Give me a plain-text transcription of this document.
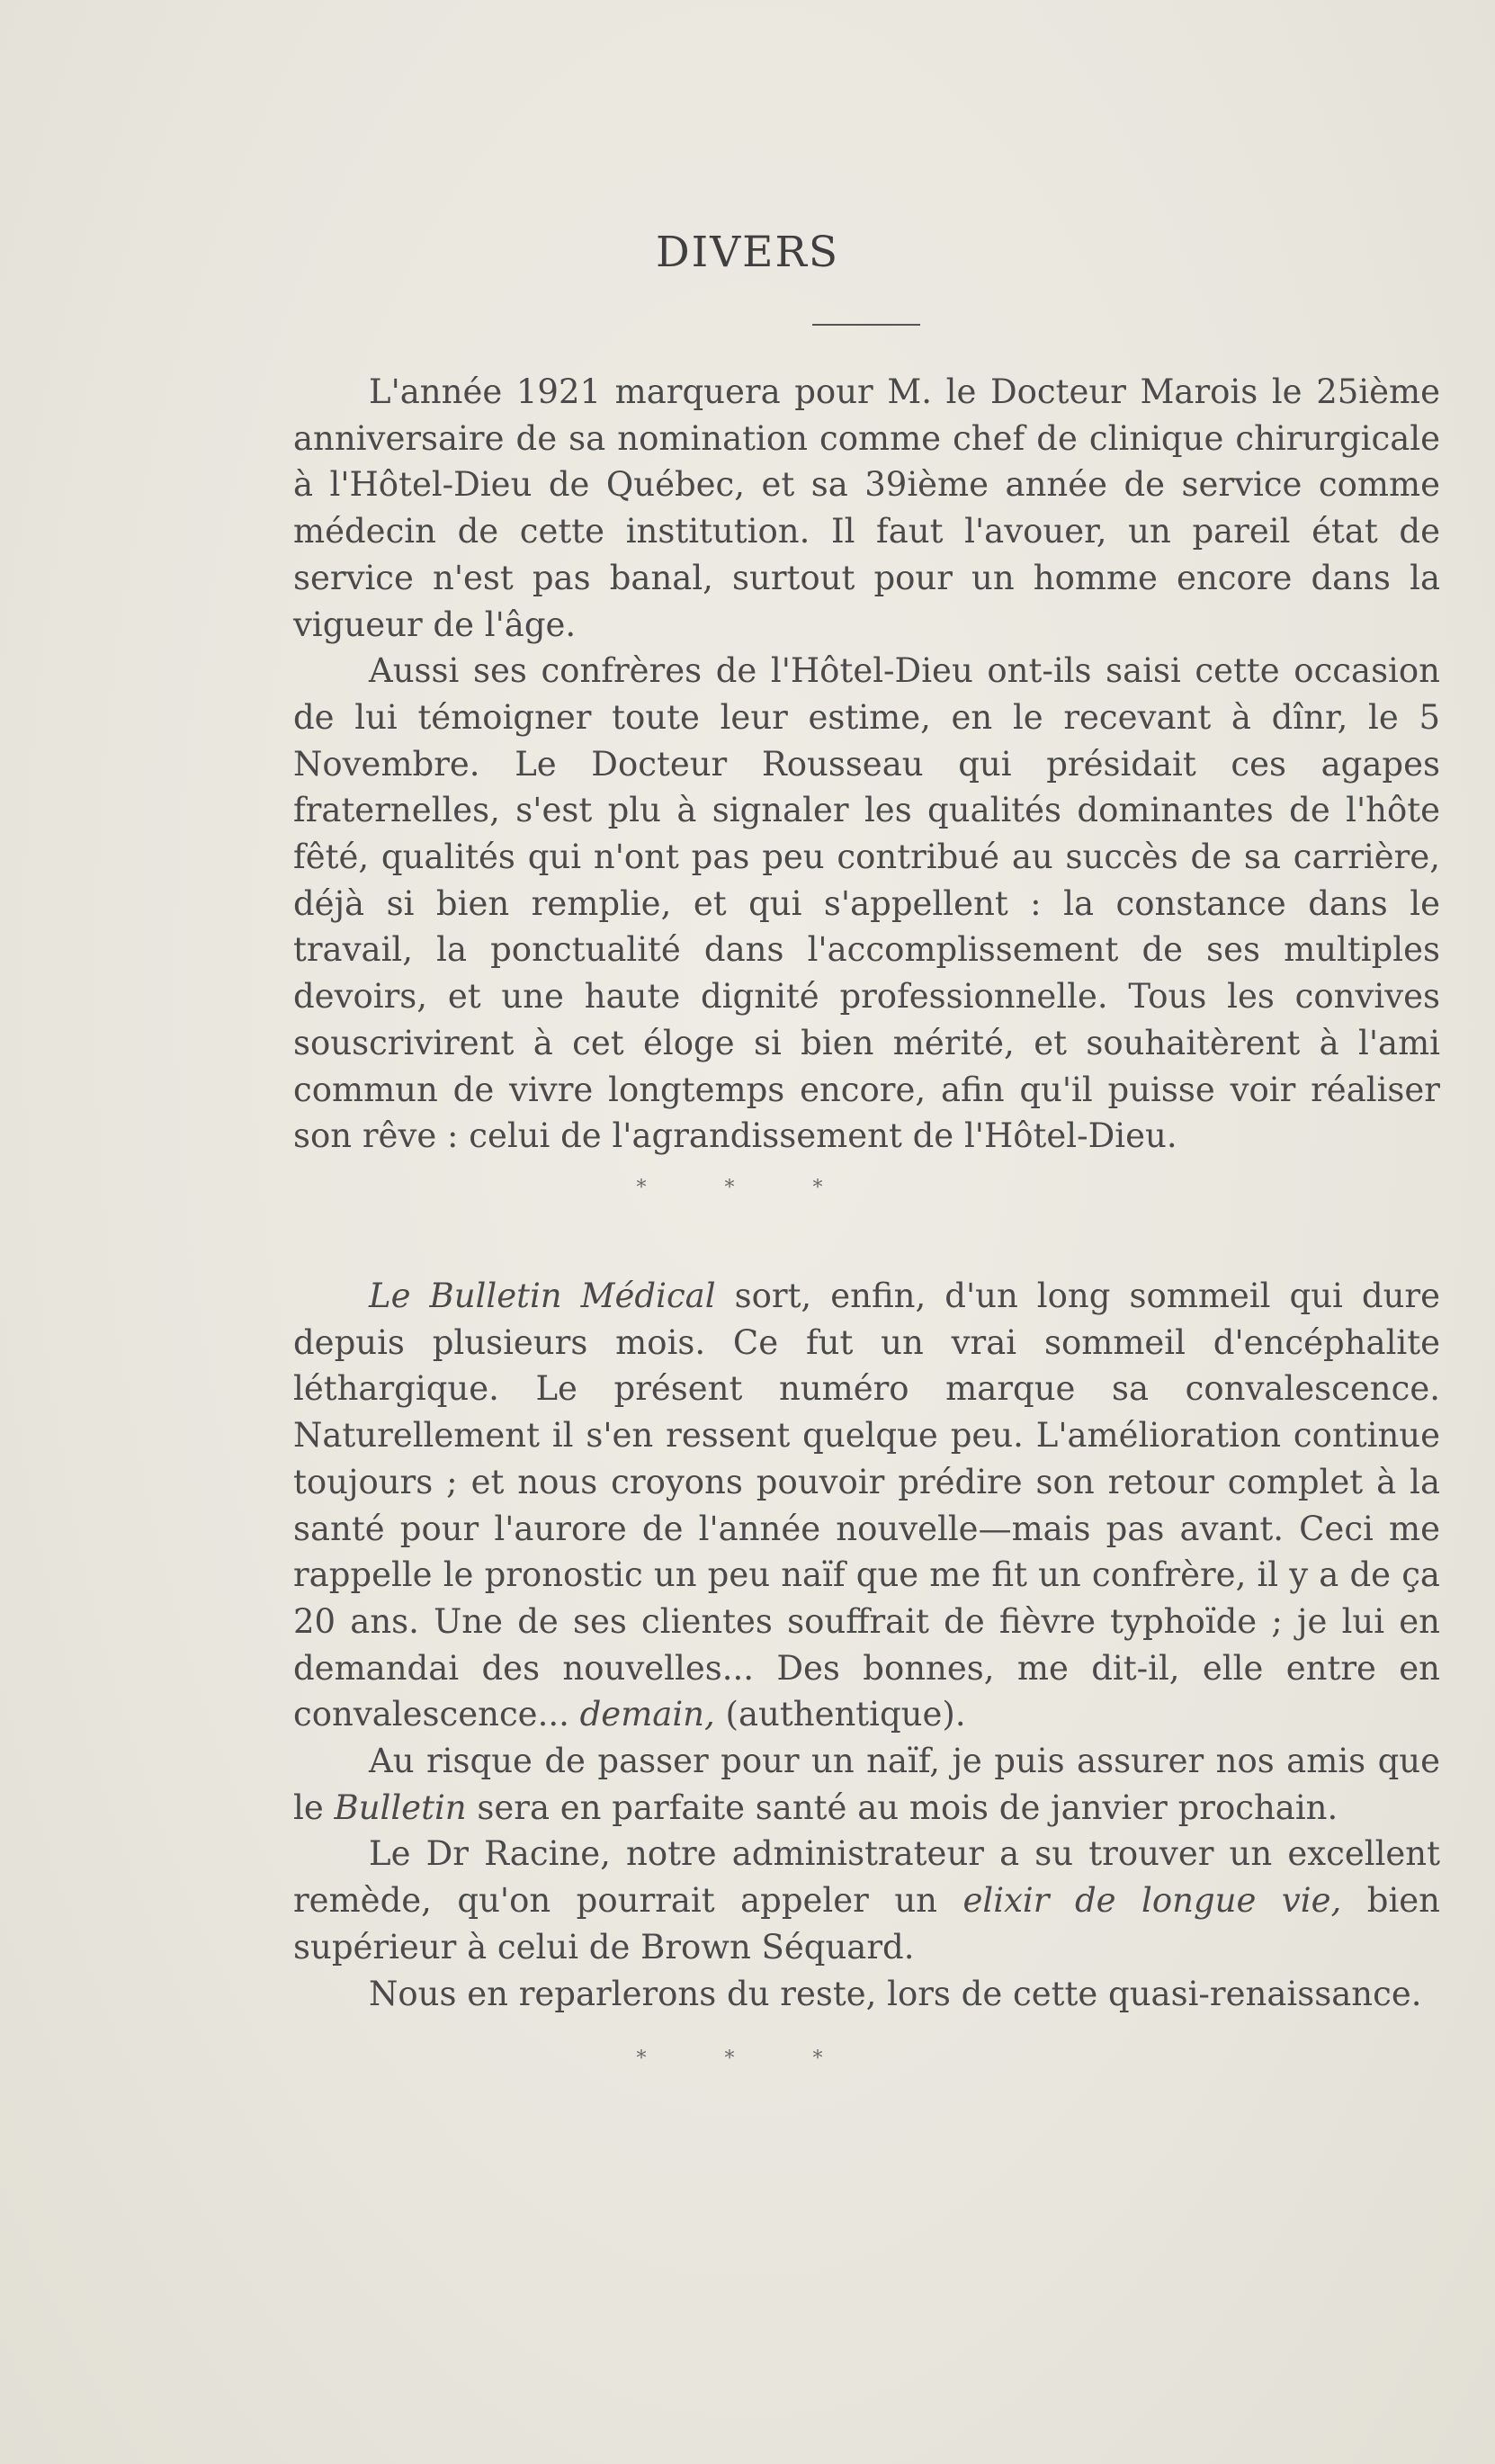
DIVERS

L'année 1921 marquera pour M. le Docteur Marois le 25ième anniversaire de sa nomination comme chef de clinique chirurgicale à l'Hôtel-Dieu de Québec, et sa 39ième année de service comme médecin de cette institution. Il faut l'avouer, un pareil état de service n'est pas banal, surtout pour un homme encore dans la vigueur de l'âge.

Aussi ses confrères de l'Hôtel-Dieu ont-ils saisi cette occasion de lui témoigner toute leur estime, en le recevant à dînr, le 5 Novembre. Le Docteur Rousseau qui présidait ces agapes fraternelles, s'est plu à signaler les qualités dominantes de l'hôte fêté, qualités qui n'ont pas peu contribué au succès de sa carrière, déjà si bien remplie, et qui s'appellent : la constance dans le travail, la ponctualité dans l'accomplissement de ses multiples devoirs, et une haute dignité professionnelle. Tous les convives souscrivirent à cet éloge si bien mérité, et souhaitèrent à l'ami commun de vivre longtemps encore, afin qu'il puisse voir réaliser son rêve : celui de l'agrandissement de l'Hôtel-Dieu.

* * *

Le Bulletin Médical sort, enfin, d'un long sommeil qui dure depuis plusieurs mois. Ce fut un vrai sommeil d'encéphalite léthargique. Le présent numéro marque sa convalescence. Naturellement il s'en ressent quelque peu. L'amélioration continue toujours ; et nous croyons pouvoir prédire son retour complet à la santé pour l'aurore de l'année nouvelle—mais pas avant. Ceci me rappelle le pronostic un peu naïf que me fit un confrère, il y a de ça 20 ans. Une de ses clientes souffrait de fièvre typhoïde ; je lui en demandai des nouvelles... Des bonnes, me dit-il, elle entre en convalescence... demain, (authentique).

Au risque de passer pour un naïf, je puis assurer nos amis que le Bulletin sera en parfaite santé au mois de janvier prochain.

Le Dr Racine, notre administrateur a su trouver un excellent remède, qu'on pourrait appeler un elixir de longue vie, bien supérieur à celui de Brown Séquard.

Nous en reparlerons du reste, lors de cette quasi-renaissance.

* * *
